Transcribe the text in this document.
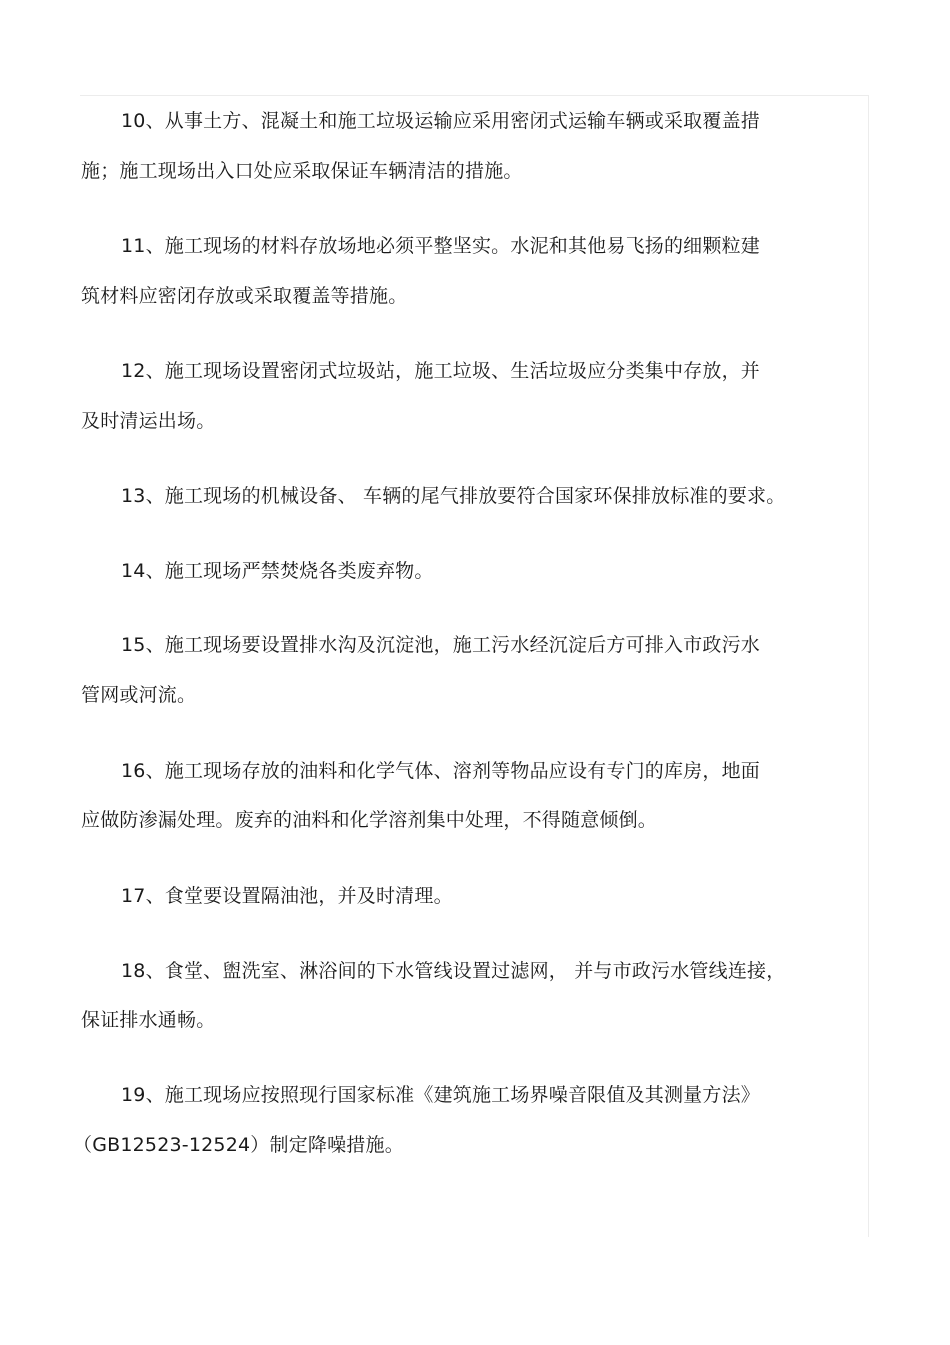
10、从事土方、混凝土和施工垃圾运输应采用密闭式运输车辆或采取覆盖措
施；施工现场出入口处应采取保证车辆清洁的措施。
11、施工现场的材料存放场地必须平整坚实。水泥和其他易飞扬的细颗粒建
筑材料应密闭存放或采取覆盖等措施。
12、施工现场设置密闭式垃圾站，施工垃圾、生活垃圾应分类集中存放，并
及时清运出场。
13、施工现场的机械设备、 车辆的尾气排放要符合国家环保排放标准的要求。
14、施工现场严禁焚烧各类废弃物。
15、施工现场要设置排水沟及沉淀池，施工污水经沉淀后方可排入市政污水
管网或河流。
16、施工现场存放的油料和化学气体、溶剂等物品应设有专门的库房，地面
应做防渗漏处理。废弃的油料和化学溶剂集中处理，不得随意倾倒。
17、食堂要设置隔油池，并及时清理。
18、食堂、盥洗室、淋浴间的下水管线设置过滤网， 并与市政污水管线连接，
保证排水通畅。
19、施工现场应按照现行国家标准《建筑施工场界噪音限值及其测量方法》
（GB12523-12524）制定降噪措施。
